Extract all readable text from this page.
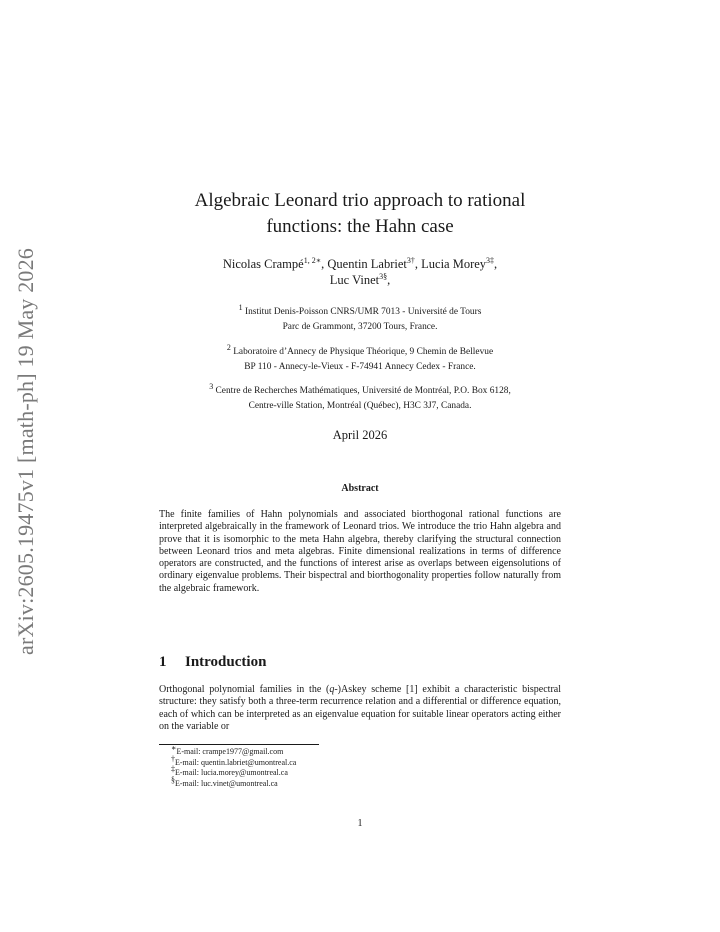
arXiv:2605.19475v1 [math-ph] 19 May 2026
Algebraic Leonard trio approach to rational
functions: the Hahn case
Nicolas Crampé$^{1, 2∗}$, Quentin Labriet$^{3\dagger}$, Lucia Morey$^{3\ddagger}$,
Luc Vinet$^{3\S}$,
$^1$ Institut Denis-Poisson CNRS/UMR 7013 - Université de Tours
Parc de Grammont, 37200 Tours, France.
$^2$ Laboratoire d’Annecy de Physique Théorique, 9 Chemin de Bellevue
BP 110 - Annecy-le-Vieux - F-74941 Annecy Cedex - France.
$^3$ Centre de Recherches Mathématiques, Université de Montréal, P.O. Box 6128,
Centre-ville Station, Montréal (Québec), H3C 3J7, Canada.
April 2026
Abstract
The finite families of Hahn polynomials and associated biorthogonal rational functions are interpreted algebraically in the framework of Leonard trios. We introduce the trio Hahn algebra and prove that it is isomorphic to the meta Hahn algebra, thereby clarifying the structural connection between Leonard trios and meta algebras. Finite dimensional realizations in terms of difference operators are constructed, and the functions of interest arise as overlaps between eigensolutions of ordinary eigenvalue problems. Their bispectral and biorthogonality properties follow naturally from the algebraic framework.
1 Introduction
Orthogonal polynomial families in the (q-)Askey scheme [1] exhibit a characteristic bispectral structure: they satisfy both a three-term recurrence relation and a differential or difference equation, each of which can be interpreted as an eigenvalue equation for suitable linear operators acting either on the variable or
∗E-mail: crampe1977@gmail.com
†E-mail: quentin.labriet@umontreal.ca
‡E-mail: lucia.morey@umontreal.ca
§E-mail: luc.vinet@umontreal.ca
1
